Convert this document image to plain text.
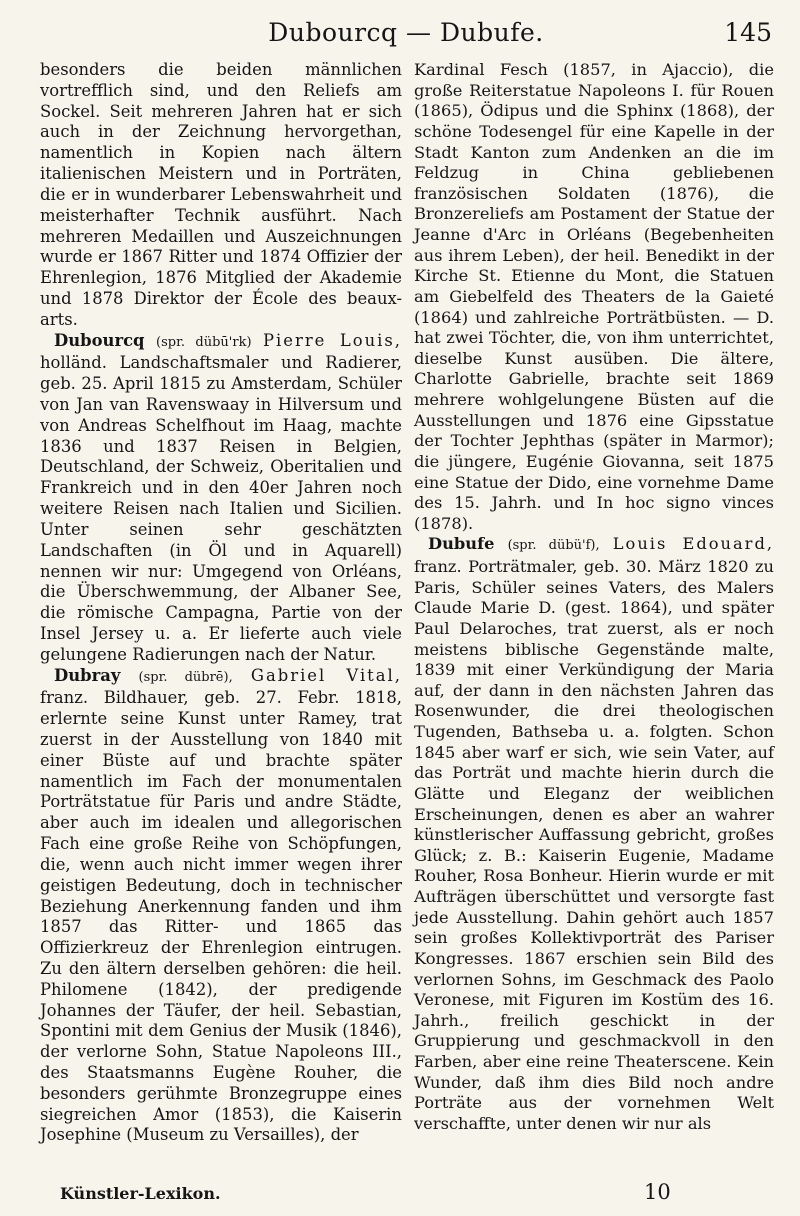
Dubourcq — Dubufe.	145

besonders die beiden männlichen vortrefflich sind, und den Reliefs am Sockel. Seit mehreren Jahren hat er sich auch in der Zeichnung hervorgethan, namentlich in Kopien nach ältern italienischen Meistern und in Porträten, die er in wunderbarer Lebenswahrheit und meisterhafter Technik ausführt. Nach mehreren Medaillen und Auszeichnungen wurde er 1867 Ritter und 1874 Offizier der Ehrenlegion, 1876 Mitglied der Akademie und 1878 Direktor der École des beaux-arts.

Dubourcq (spr. dübū'rk) Pierre Louis, holländ. Landschaftsmaler und Radierer, geb. 25. April 1815 zu Amsterdam, Schüler von Jan van Ravenswaay in Hilversum und von Andreas Schelfhout im Haag, machte 1836 und 1837 Reisen in Belgien, Deutschland, der Schweiz, Oberitalien und Frankreich und in den 40er Jahren noch weitere Reisen nach Italien und Sicilien. Unter seinen sehr geschätzten Landschaften (in Öl und in Aquarell) nennen wir nur: Umgegend von Orléans, die Überschwemmung, der Albaner See, die römische Campagna, Partie von der Insel Jersey u. a. Er lieferte auch viele gelungene Radierungen nach der Natur.

Dubray (spr. dübrē), Gabriel Vital, franz. Bildhauer, geb. 27. Febr. 1818, erlernte seine Kunst unter Ramey, trat zuerst in der Ausstellung von 1840 mit einer Büste auf und brachte später namentlich im Fach der monumentalen Porträtstatue für Paris und andre Städte, aber auch im idealen und allegorischen Fach eine große Reihe von Schöpfungen, die, wenn auch nicht immer wegen ihrer geistigen Bedeutung, doch in technischer Beziehung Anerkennung fanden und ihm 1857 das Ritter- und 1865 das Offizierkreuz der Ehrenlegion eintrugen. Zu den ältern derselben gehören: die heil. Philomene (1842), der predigende Johannes der Täufer, der heil. Sebastian, Spontini mit dem Genius der Musik (1846), der verlorne Sohn, Statue Napoleons III., des Staatsmanns Eugène Rouher, die besonders gerühmte Bronzegruppe eines siegreichen Amor (1853), die Kaiserin Josephine (Museum zu Versailles), der

Kardinal Fesch (1857, in Ajaccio), die große Reiterstatue Napoleons I. für Rouen (1865), Ödipus und die Sphinx (1868), der schöne Todesengel für eine Kapelle in der Stadt Kanton zum Andenken an die im Feldzug in China gebliebenen französischen Soldaten (1876), die Bronzereliefs am Postament der Statue der Jeanne d'Arc in Orléans (Begebenheiten aus ihrem Leben), der heil. Benedikt in der Kirche St. Etienne du Mont, die Statuen am Giebelfeld des Theaters de la Gaieté (1864) und zahlreiche Porträtbüsten. — D. hat zwei Töchter, die, von ihm unterrichtet, dieselbe Kunst ausüben. Die ältere, Charlotte Gabrielle, brachte seit 1869 mehrere wohlgelungene Büsten auf die Ausstellungen und 1876 eine Gipsstatue der Tochter Jephthas (später in Marmor); die jüngere, Eugénie Giovanna, seit 1875 eine Statue der Dido, eine vornehme Dame des 15. Jahrh. und In hoc signo vinces (1878).

Dubufe (spr. dübü'f), Louis Edouard, franz. Porträtmaler, geb. 30. März 1820 zu Paris, Schüler seines Vaters, des Malers Claude Marie D. (gest. 1864), und später Paul Delaroches, trat zuerst, als er noch meistens biblische Gegenstände malte, 1839 mit einer Verkündigung der Maria auf, der dann in den nächsten Jahren das Rosenwunder, die drei theologischen Tugenden, Bathseba u. a. folgten. Schon 1845 aber warf er sich, wie sein Vater, auf das Porträt und machte hierin durch die Glätte und Eleganz der weiblichen Erscheinungen, denen es aber an wahrer künstlerischer Auffassung gebricht, großes Glück; z. B.: Kaiserin Eugenie, Madame Rouher, Rosa Bonheur. Hierin wurde er mit Aufträgen überschüttet und versorgte fast jede Ausstellung. Dahin gehört auch 1857 sein großes Kollektivporträt des Pariser Kongresses. 1867 erschien sein Bild des verlornen Sohns, im Geschmack des Paolo Veronese, mit Figuren im Kostüm des 16. Jahrh., freilich geschickt in der Gruppierung und geschmackvoll in den Farben, aber eine reine Theaterscene. Kein Wunder, daß ihm dies Bild noch andre Porträte aus der vornehmen Welt verschaffte, unter denen wir nur als

Künstler-Lexikon.	10
